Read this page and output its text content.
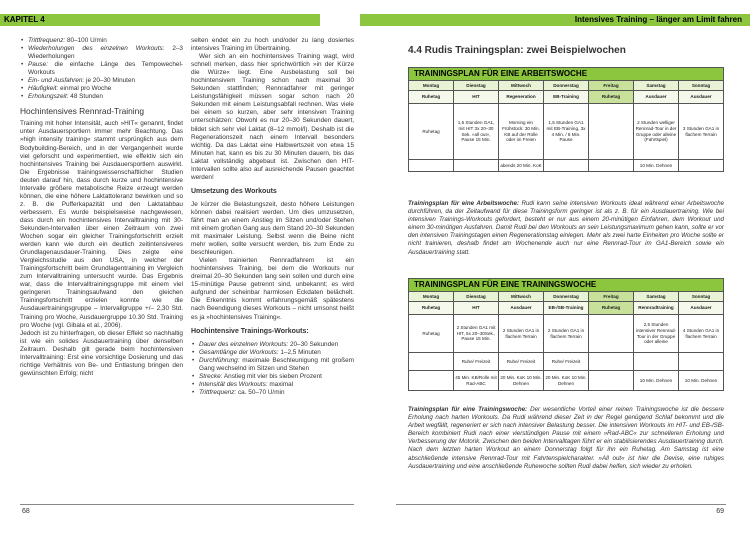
KAPITEL 4	Intensives Training – länger am Limit fahren

• Trittfrequenz: 80–100 U/min

• Wiederholungen des einzelnen Workouts: 2–3 Wiederholungen

• Pause: die einfache Länge des Tempowechel-Workouts

• Ein- und Ausfahren: je 20–30 Minuten

• Häufigkeit: einmal pro Woche

• Erholungszeit: 48 Stunden

Hochintensives Rennrad-Training

Training mit hoher Intensität, auch »HIT« genannt, findet unter Ausdauersportlern immer mehr Beachtung. Das »high intensity training« stammt ursprünglich aus dem Bodybuilding-Bereich, und in der Vergangenheit wurde viel geforscht und experimentiert, wie effektiv sich ein hochintensives Training bei Ausdauersportlern auswirkt. Die Ergebnisse trainingswissenschaftlicher Studien deuten darauf hin, dass durch kurze und hochintensive Intervalle größere metabolische Reize erzeugt werden können, die eine höhere Laktattoleranz bewirken und so z. B. die Pufferkapazität und den Laktatabbau verbessern. Es wurde beispielsweise nachgewiesen, dass durch ein hochintensives Intervalltraining mit 30-Sekunden-Intervallen über einen Zeitraum von zwei Wochen sogar ein gleicher Trainingsfortschritt erzielt werden kann wie durch ein deutlich zeitintensiveres Grundlagenausdauer-Training. Dies zeigte eine Vergleichsstudie aus den USA, in welcher der Trainingsfortschritt beim Grundlagentraining im Vergleich zum Intervalltraining untersucht wurde. Das Ergebnis war, dass die Intervalltrainingsgruppe mit einem viel geringeren Trainingsaufwand den gleichen Trainingsfortschritt erzielen konnte wie die Ausdauertrainingsgruppe – Intervallgruppe +/– 2,30 Std. Training pro Woche, Ausdauergruppe 10.30 Std. Training pro Woche (vgl. Gibala et al., 2006).

Jedoch ist zu hinterfragen, ob dieser Effekt so nachhaltig ist wie ein solides Ausdauertraining über denselben Zeitraum. Deshalb gilt gerade beim hochintensiven Intervalltraining: Erst eine vorsichtige Dosierung und das richtige Verhältnis von Be- und Entlastung bringen den gewünschten Erfolg; nicht

selten endet ein zu hoch und/oder zu lang dosiertes intensives Training im Übertraining.

Wer sich an ein hochintensives Training wagt, wird schnell merken, dass hier sprichwörtlich »in der Kürze die Würze« liegt. Eine Ausbelastung soll bei hochintensivem Training schon nach maximal 30 Sekunden stattfinden; Rennradfahrer mit geringer Leistungsfähigkeit müssen sogar schon nach 20 Sekunden mit einem Leistungsabfall rechnen. Was viele bei einem so kurzen, aber sehr intensiven Training unterschätzen: Obwohl es nur 20–30 Sekunden dauert, bildet sich sehr viel Laktat (8–12 mmol/l). Deshalb ist die Regenerationszeit nach einem Intervall besonders wichtig. Da das Laktat eine Halbwertszeit von etwa 15 Minuten hat, kann es bis zu 30 Minuten dauern, bis das Laktat vollständig abgebaut ist. Zwischen den HIT-Intervallen sollte also auf ausreichende Pausen geachtet werden!

Umsetzung des Workouts

Je kürzer die Belastungszeit, desto höhere Leistungen können dabei realisiert werden. Um dies umzusetzen, fährt man an einem Anstieg im Sitzen und/oder Stehen mit einem großen Gang aus dem Stand 20–30 Sekunden mit maximaler Leistung. Selbst wenn die Beine nicht mehr wollen, sollte versucht werden, bis zum Ende zu beschleunigen.

Vielen trainierten Rennradfahrern ist ein hochintensives Training, bei dem die Workouts nur dreimal 20–30 Sekunden lang sein sollen und durch eine 15-minütige Pause getrennt sind, unbekannt; es wird aufgrund der scheinbar harmlosen Eckdaten belächelt. Die Erkenntnis kommt erfahrungsgemäß spätestens nach Beendigung dieses Workouts – nicht umsonst heißt es ja »hochintensives Training«.

Hochintensive Trainings-Workouts:

• Dauer des einzelnen Workouts: 20–30 Sekunden

• Gesamtlänge der Workouts: 1–2,5 Minuten

• Durchführung: maximale Beschleunigung mit großem Gang wechselnd im Sitzen und Stehen

• Strecke: Anstieg mit vier bis sieben Prozent

• Intensität des Workouts: maximal

• Trittfrequenz: ca. 50–70 U/min

4.4 Rudis Trainingsplan: zwei Beispielwochen
TRAININGSPLAN FÜR EINE ARBEITSWOCHE						
Montag	Dienstag	Mittwoch	Donnerstag	Freitag	Samstag	Sonntag
Ruhetag	HIT	Regeneration	EB-Training	Ruhetag	Ausdauer	Ausdauer
Ruhetag	1,5 Stunden GA1, mit HIT 3x 20–30 Sek. »all out«, Pause 15 Min.	Morning ein Frühstück: 30 Min. KB auf der Rolle oder im Freien	1,5 Stunden GA1 mit EB-Training, 3x 4 Min. / 8 Min. Pause		2 Stunden welliger Rennrad-Tour in der Gruppe oder alleine (Fahrtspiel)	3 Stunden GA1 in flachem Terrain
		abends 20 Min. KoK			10 Min. Dehnen	

Trainingsplan für eine Arbeitswoche: Rudi kann seine intensiven Workouts ideal während einer Arbeitswoche durchführen, da der Zeitaufwand für diese Trainingsform geringer ist als z. B. für ein Ausdauertraining. Wie bei intensiven Trainings-Workouts gefordert, besteht er nur aus einem 20-minütigen Einfahren, dem Workout und einem 30-minütigen Ausfahren. Damit Rudi bei den Workouts an sein Leistungsmaximum gehen kann, sollte er vor den intensiven Trainingstagen einen Regenerationstag einlegen. Mehr als zwei harte Einheiten pro Woche sollte er nicht trainieren, deshalb findet am Wochenende auch nur eine Rennrad-Tour im GA1-Bereich sowie ein Ausdauertraining statt.

TRAININGSPLAN FÜR EINE TRAININGSWOCHE						
Montag	Dienstag	Mittwoch	Donnerstag	Freitag	Samstag	Sonntag
Ruhetag	HIT	Ausdauer	EB-/SB-Training	Ruhetag	Rennradtraining	Ausdauer
Ruhetag	2 Stunden GA1 mit HIT, 5x 20–30Sek., Pause 15 Min.	2 Stunden GA1 in flachem Terrain	2 Stunden GA1 in flachem Terrain		2,5 Stunden intensiver Rennrad-Tour in der Gruppe oder alleine	4 Stunden GA1 in flachem Terrain
	Ruhe/ Freizeit	Ruhe/ Freizeit	Ruhe/ Freizeit			
	45 Min. KB/Rolle mit Rad-ABC	20 Min. KoK 10 Min. Dehnen	20 Min. KoK 10 Min. Dehnen		10 Min. Dehnen	10 Min. Dehnen

Trainingsplan für eine Trainingswoche: Der wesentliche Vorteil einer reinen Trainingswoche ist die bessere Erholung nach harten Workouts. Da Rudi während dieser Zeit in der Regel genügend Schlaf bekommt und die Arbeit wegfällt, regeneriert er sich nach intensiver Belastung besser. Die intensiven Workouts im HIT- und EB-/SB-Bereich kombiniert Rudi nach einer vierstündigen Pause mit einem »Rad-ABC« zur schnelleren Erholung und Verbesserung der Motorik. Zwischen den beiden Intervalltagen führt er ein stabilisierendes Ausdauertraining durch. Nach dem letzten harten Workout an einem Donnerstag folgt für ihn ein Ruhetag. Am Samstag ist eine abschließende intensive Rennrad-Tour mit Fahrtenspielcharakter. »All out« ist hier die Devise, eine ruhiges Ausdauertraining und eine anschließende Ruhewoche sollten Rudi dabei helfen, sich wieder zu erholen.

68	69
